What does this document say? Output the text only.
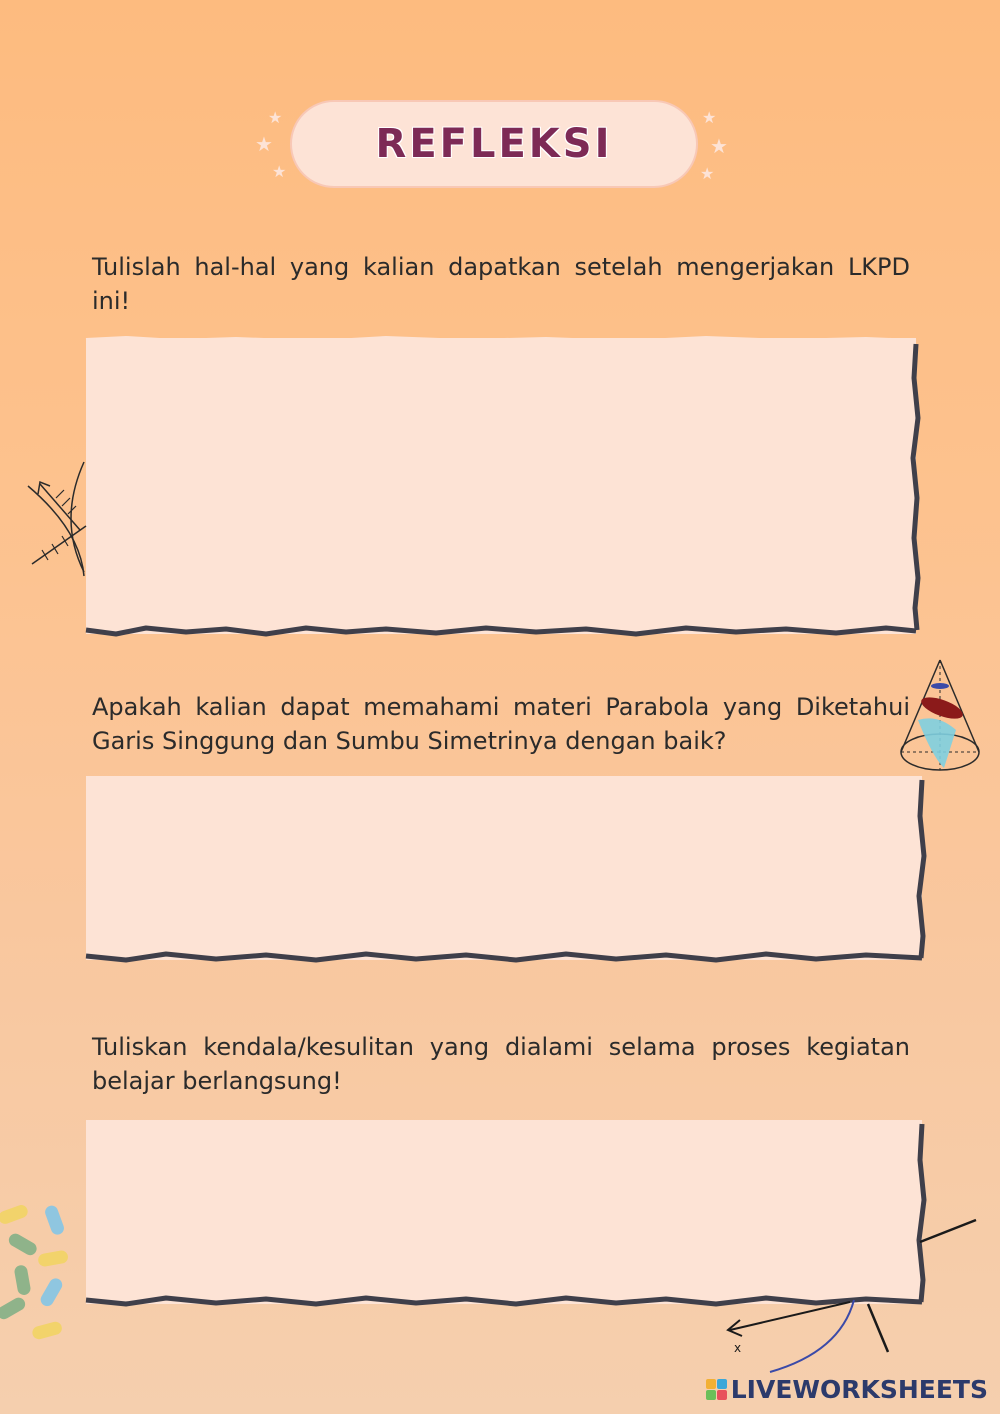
★
★
★
★
★
★
REFLEKSI

Tulislah hal-hal yang kalian dapatkan setelah mengerjakan LKPD ini!

Apakah kalian dapat memahami materi Parabola yang Diketahui Garis Singgung dan Sumbu Simetrinya dengan baik?

Tuliskan kendala/kesulitan yang dialami selama proses kegiatan belajar berlangsung!

x
LIVEWORKSHEETS
